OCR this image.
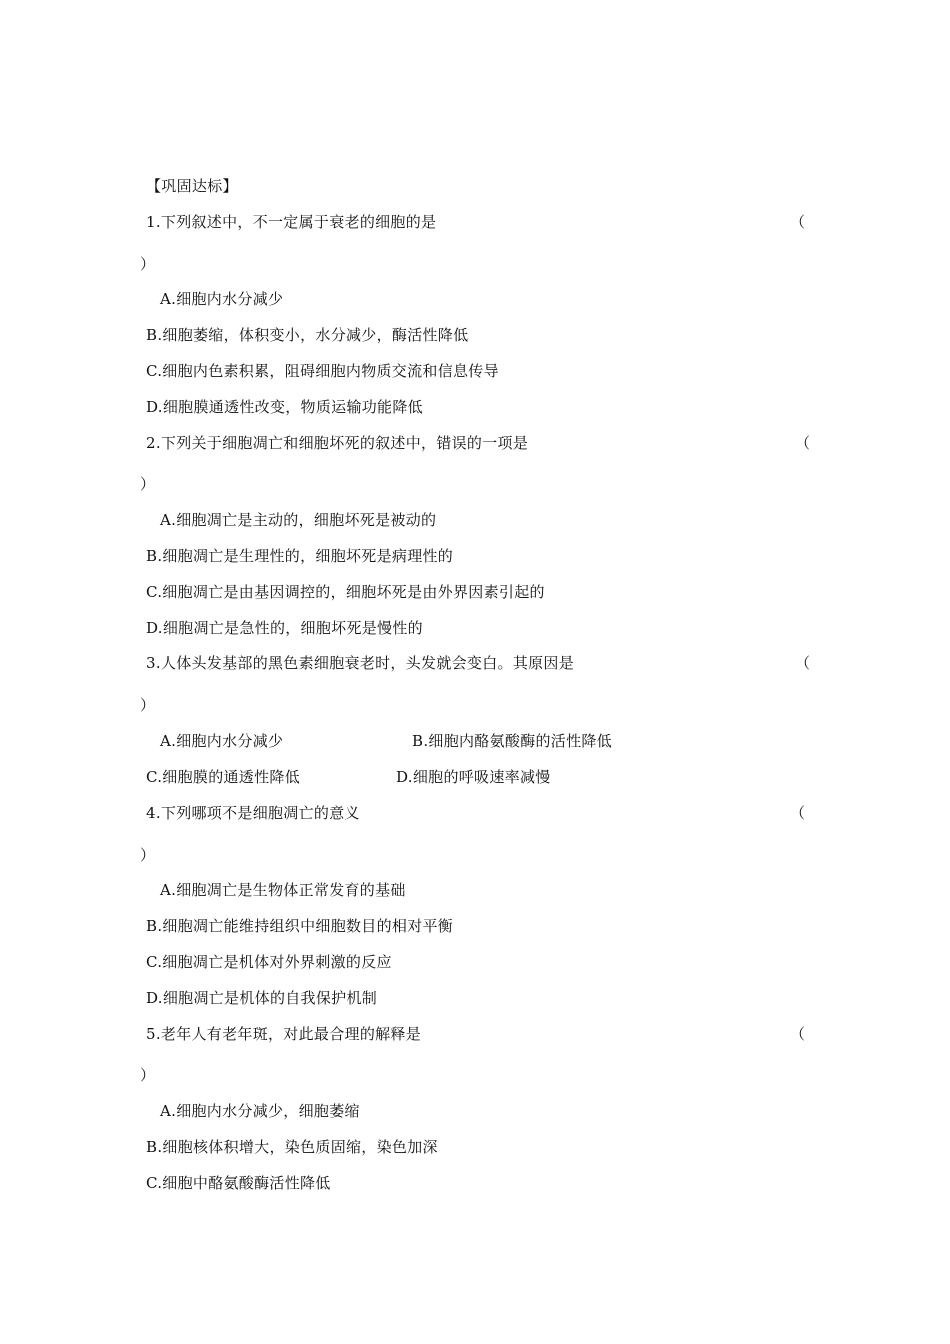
【巩固达标】
1.下列叙述中，不一定属于衰老的细胞的是	（
）
A.细胞内水分减少
B.细胞萎缩，体积变小，水分减少，酶活性降低
C.细胞内色素积累，阻碍细胞内物质交流和信息传导
D.细胞膜通透性改变，物质运输功能降低
2.下列关于细胞凋亡和细胞坏死的叙述中，错误的一项是	（
）
A.细胞凋亡是主动的，细胞坏死是被动的
B.细胞凋亡是生理性的，细胞坏死是病理性的
C.细胞凋亡是由基因调控的，细胞坏死是由外界因素引起的
D.细胞凋亡是急性的，细胞坏死是慢性的
3.人体头发基部的黑色素细胞衰老时，头发就会变白。其原因是	（
）
A.细胞内水分减少	B.细胞内酪氨酸酶的活性降低
C.细胞膜的通透性降低	D.细胞的呼吸速率减慢
4.下列哪项不是细胞凋亡的意义	（
）
A.细胞凋亡是生物体正常发育的基础
B.细胞凋亡能维持组织中细胞数目的相对平衡
C.细胞凋亡是机体对外界刺激的反应
D.细胞凋亡是机体的自我保护机制
5.老年人有老年斑，对此最合理的解释是	（
）
A.细胞内水分减少，细胞萎缩
B.细胞核体积增大，染色质固缩，染色加深
C.细胞中酪氨酸酶活性降低
